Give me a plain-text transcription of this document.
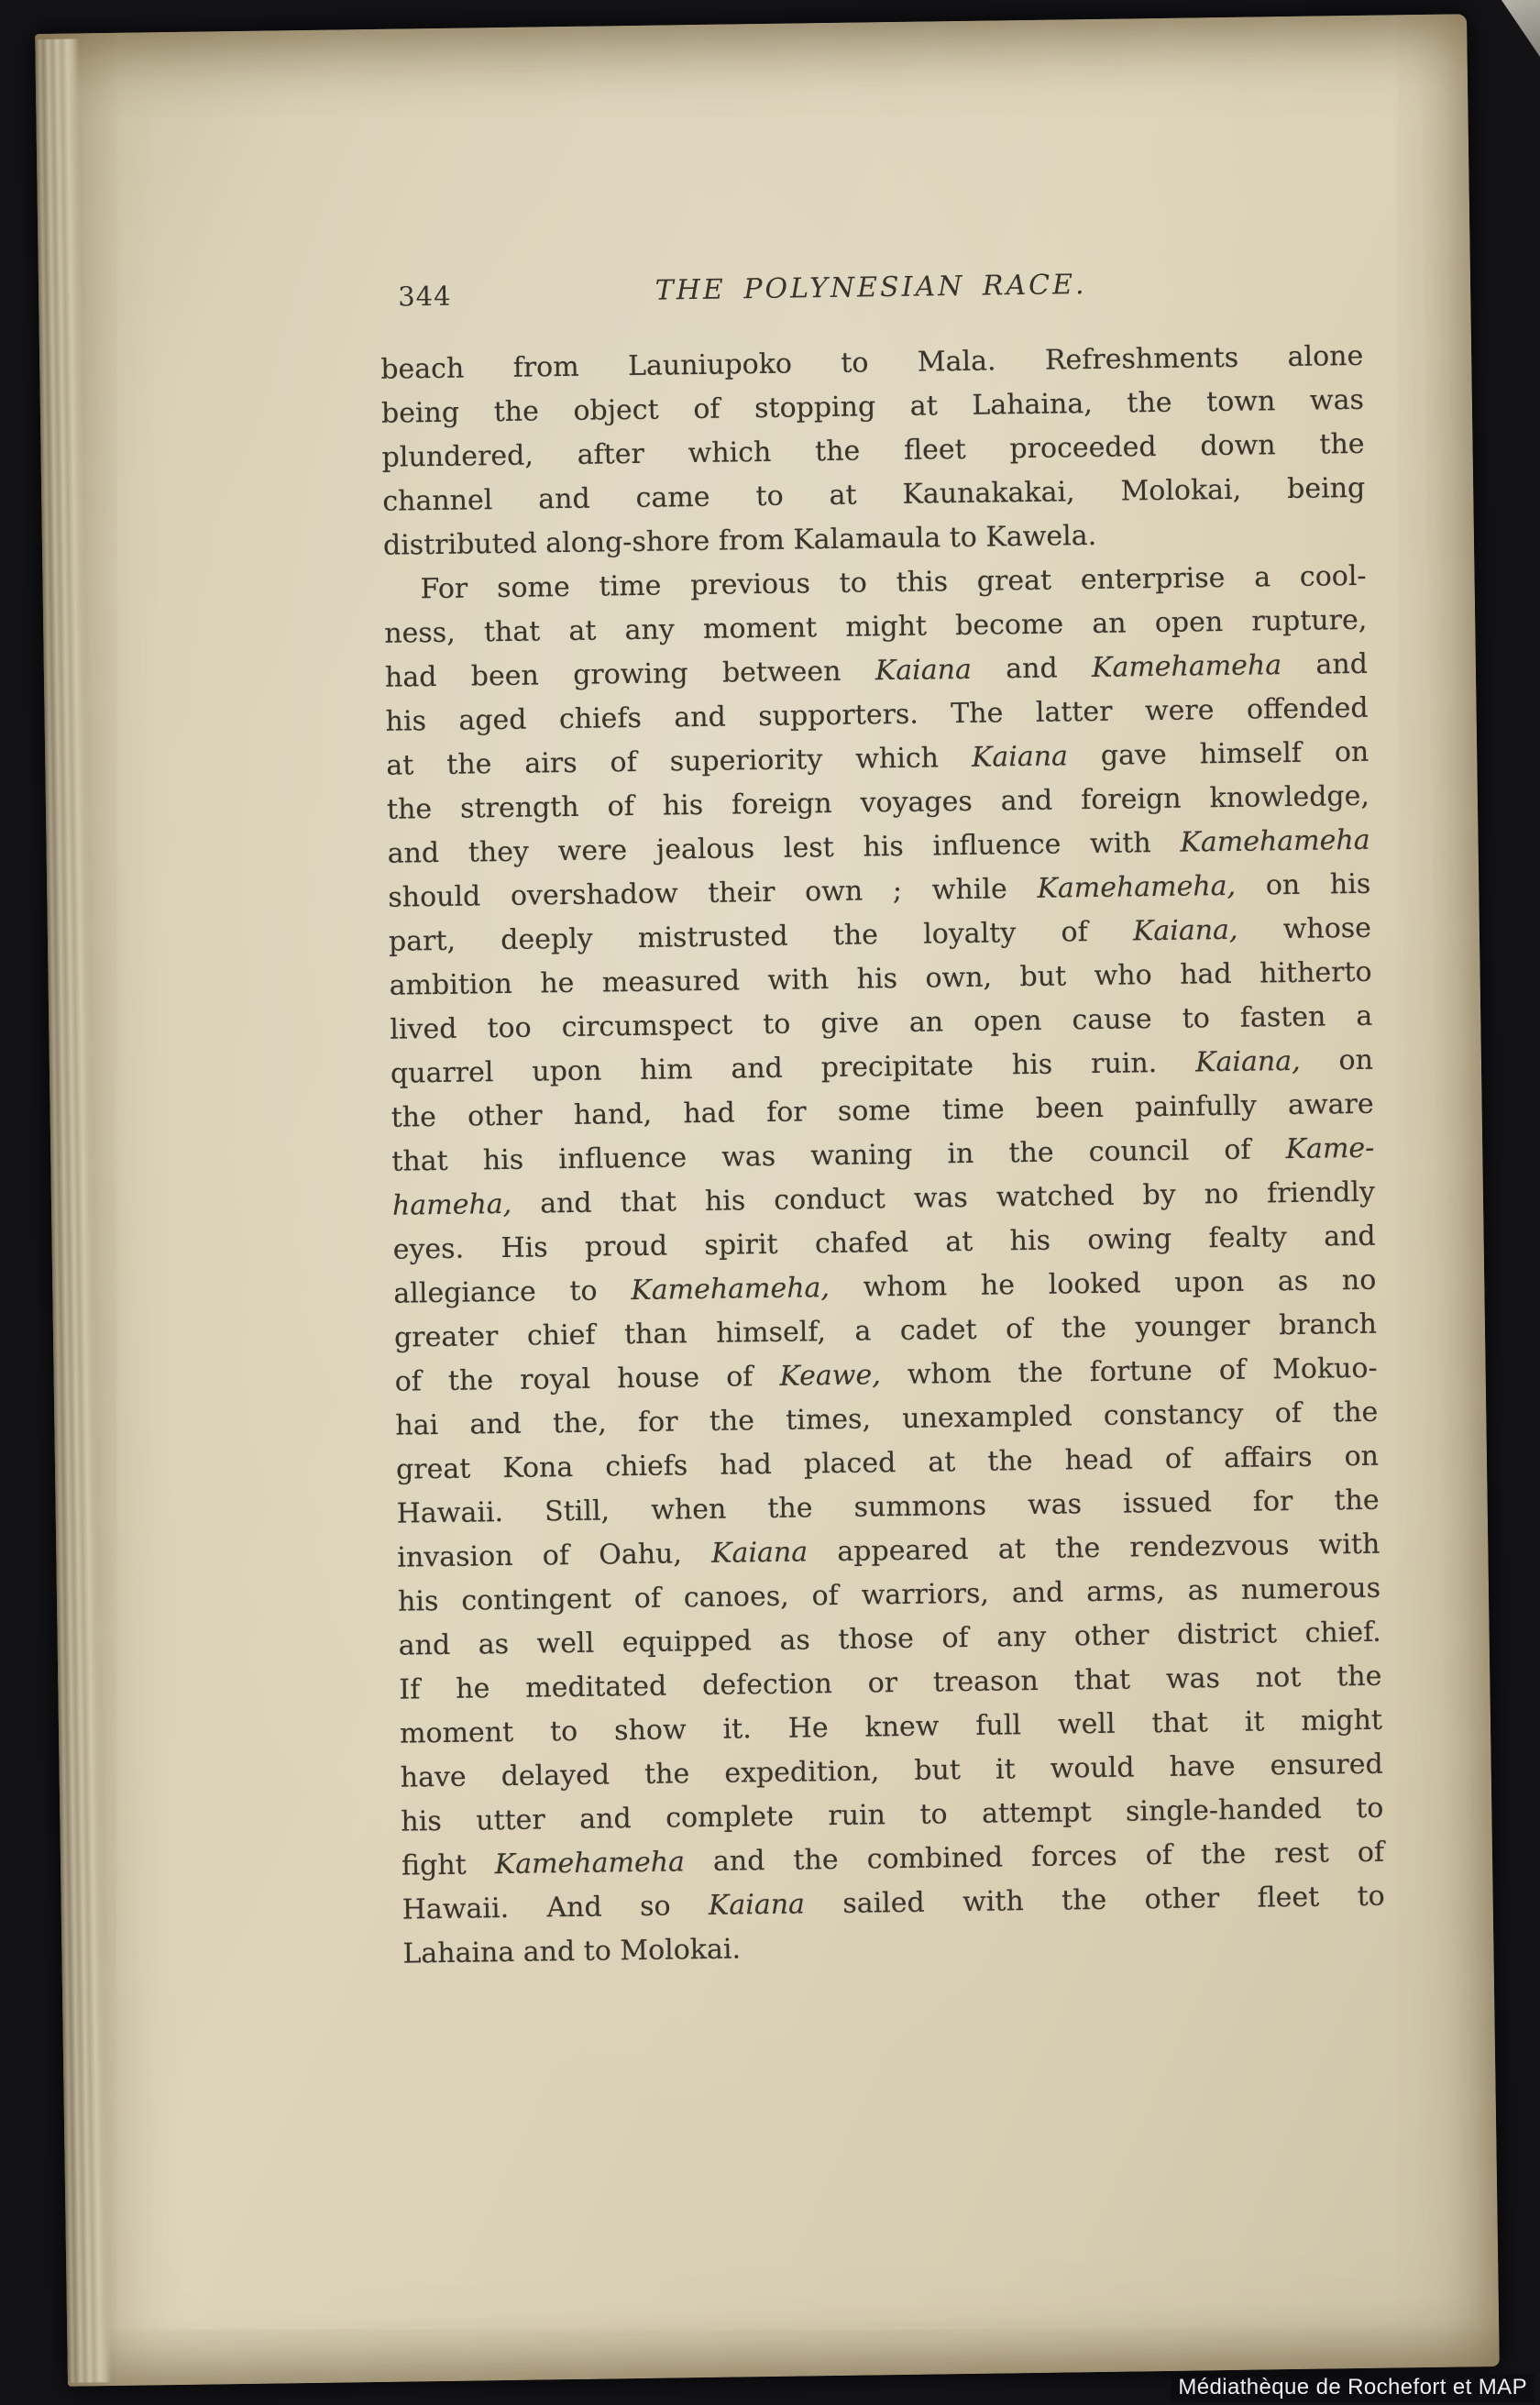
344	THE POLYNESIAN RACE.
beach from Launiupoko to Mala. Refreshments alone
being the object of stopping at Lahaina, the town was
plundered, after which the fleet proceeded down the
channel and came to at Kaunakakai, Molokai, being
distributed along-shore from Kalamaula to Kawela.
For some time previous to this great enterprise a cool-
ness, that at any moment might become an open rupture,
had been growing between Kaiana and Kamehameha and
his aged chiefs and supporters. The latter were offended
at the airs of superiority which Kaiana gave himself on
the strength of his foreign voyages and foreign knowledge,
and they were jealous lest his influence with Kamehameha
should overshadow their own ; while Kamehameha, on his
part, deeply mistrusted the loyalty of Kaiana, whose
ambition he measured with his own, but who had hitherto
lived too circumspect to give an open cause to fasten a
quarrel upon him and precipitate his ruin. Kaiana, on
the other hand, had for some time been painfully aware
that his influence was waning in the council of Kame-
hameha, and that his conduct was watched by no friendly
eyes. His proud spirit chafed at his owing fealty and
allegiance to Kamehameha, whom he looked upon as no
greater chief than himself, a cadet of the younger branch
of the royal house of Keawe, whom the fortune of Mokuo-
hai and the, for the times, unexampled constancy of the
great Kona chiefs had placed at the head of affairs on
Hawaii. Still, when the summons was issued for the
invasion of Oahu, Kaiana appeared at the rendezvous with
his contingent of canoes, of warriors, and arms, as numerous
and as well equipped as those of any other district chief.
If he meditated defection or treason that was not the
moment to show it. He knew full well that it might
have delayed the expedition, but it would have ensured
his utter and complete ruin to attempt single-handed to
fight Kamehameha and the combined forces of the rest of
Hawaii. And so Kaiana sailed with the other fleet to
Lahaina and to Molokai.
Médiathèque de Rochefort et MAP
